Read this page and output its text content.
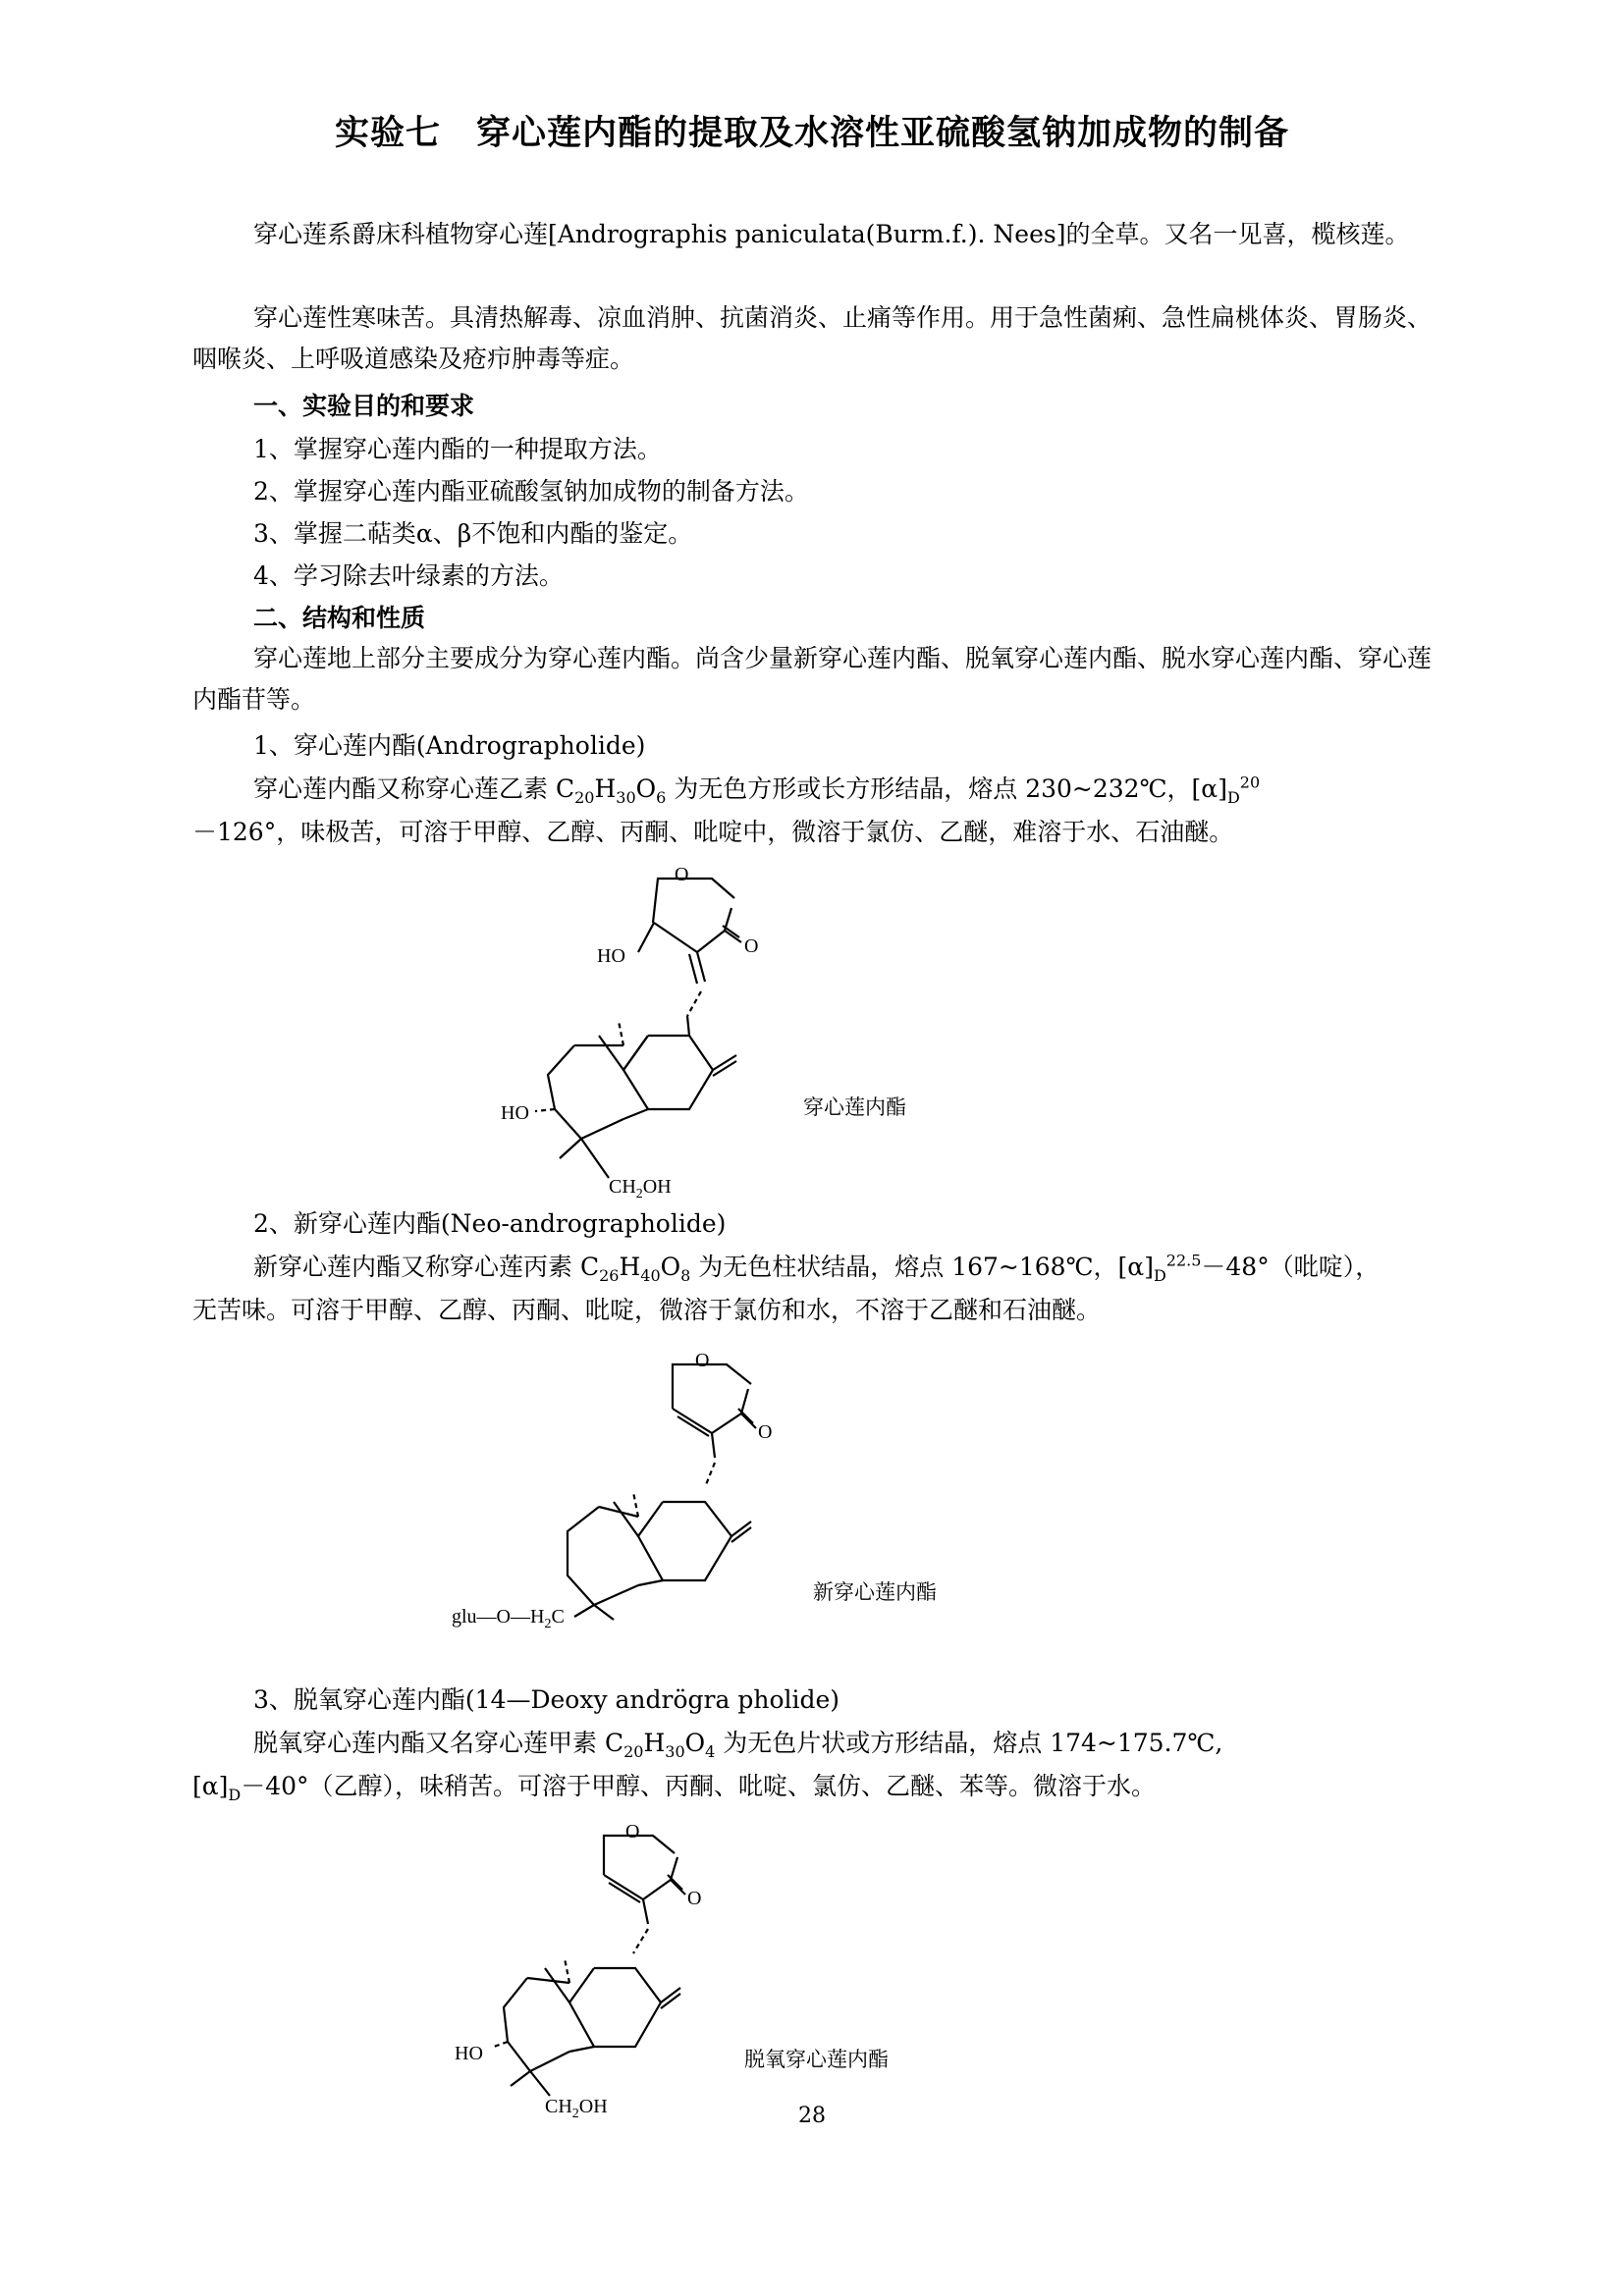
实验七　穿心莲内酯的提取及水溶性亚硫酸氢钠加成物的制备

穿心莲系爵床科植物穿心莲[Andrographis paniculata(Burm.f.). Nees]的全草。又名一见喜，榄核莲。

穿心莲性寒味苦。具清热解毒、凉血消肿、抗菌消炎、止痛等作用。用于急性菌痢、急性扁桃体炎、胃肠炎、咽喉炎、上呼吸道感染及疮疖肿毒等症。

一、实验目的和要求

1、掌握穿心莲内酯的一种提取方法。

2、掌握穿心莲内酯亚硫酸氢钠加成物的制备方法。

3、掌握二萜类α、β不饱和内酯的鉴定。

4、学习除去叶绿素的方法。

二、结构和性质

穿心莲地上部分主要成分为穿心莲内酯。尚含少量新穿心莲内酯、脱氧穿心莲内酯、脱水穿心莲内酯、穿心莲内酯苷等。

1、穿心莲内酯(Andrographolide)

穿心莲内酯又称穿心莲乙素 $C_{20}H_{30}O_6$ 为无色方形或长方形结晶，熔点 230~232℃，$[\alpha]_D^{20}$

－126°，味极苦，可溶于甲醇、乙醇、丙酮、吡啶中，微溶于氯仿、乙醚，难溶于水、石油醚。

O
O
HO
HO
$CH_2OH$

穿心莲内酯

2、新穿心莲内酯(Neo-andrographolide)

新穿心莲内酯又称穿心莲丙素 $C_{26}H_{40}O_8$ 为无色柱状结晶，熔点 167~168℃，$[\alpha]_D^{22.5}-48^\circ$（吡啶），

无苦味。可溶于甲醇、乙醇、丙酮、吡啶，微溶于氯仿和水，不溶于乙醚和石油醚。

O
O
$glu—O—H_2C$

新穿心莲内酯

3、脱氧穿心莲内酯(14—Deoxy andrögra pholide)

脱氧穿心莲内酯又名穿心莲甲素 $C_{20}H_{30}O_4$ 为无色片状或方形结晶，熔点 174~175.7℃,

$[\alpha]_D-40^\circ$（乙醇），味稍苦。可溶于甲醇、丙酮、吡啶、氯仿、乙醚、苯等。微溶于水。

O
O
HO
$CH_2OH$

脱氧穿心莲内酯

28
